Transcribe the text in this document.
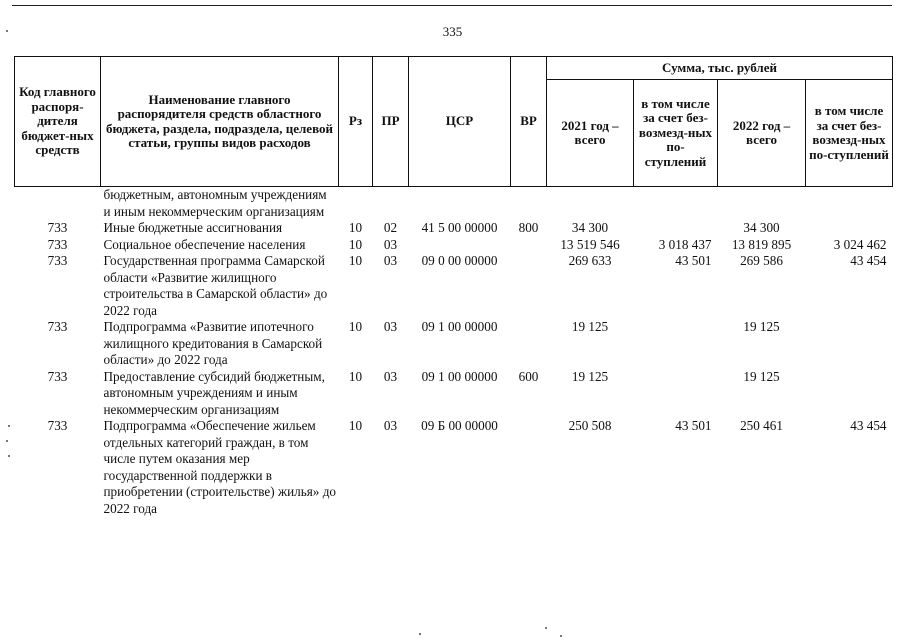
335
Код главного распоря-дителя бюджет-ных средств	Наименование главного распорядителя средств областного бюджета, раздела, подраздела, целевой статьи, группы видов расходов	Рз	ПР	ЦСР	ВР	Сумма, тыс. рублей			
						2021 год – всего	в том числе за счет без-возмезд-ных по-ступлений	2022 год – всего	в том числе за счет без-возмезд-ных по-ступлений
	бюджетным, автономным учреждениям и иным некоммерческим организациям								
733	Иные бюджетные ассигнования	10	02	41 5 00 00000	800	34 300		34 300	
733	Социальное обеспечение населения	10	03			13 519 546	3 018 437	13 819 895	3 024 462
733	Государственная программа Самарской области «Развитие жилищного строительства в Самарской области» до 2022 года	10	03	09 0 00 00000		269 633	43 501	269 586	43 454
733	Подпрограмма «Развитие ипотечного жилищного кредитования в Самарской области» до 2022 года	10	03	09 1 00 00000		19 125		19 125	
733	Предоставление субсидий бюджетным, автономным учреждениям и иным некоммерческим организациям	10	03	09 1 00 00000	600	19 125		19 125	
733	Подпрограмма «Обеспечение жильем отдельных категорий граждан, в том числе путем оказания мер государственной поддержки в приобретении (строительстве) жилья» до 2022 года	10	03	09 Б 00 00000		250 508	43 501	250 461	43 454
